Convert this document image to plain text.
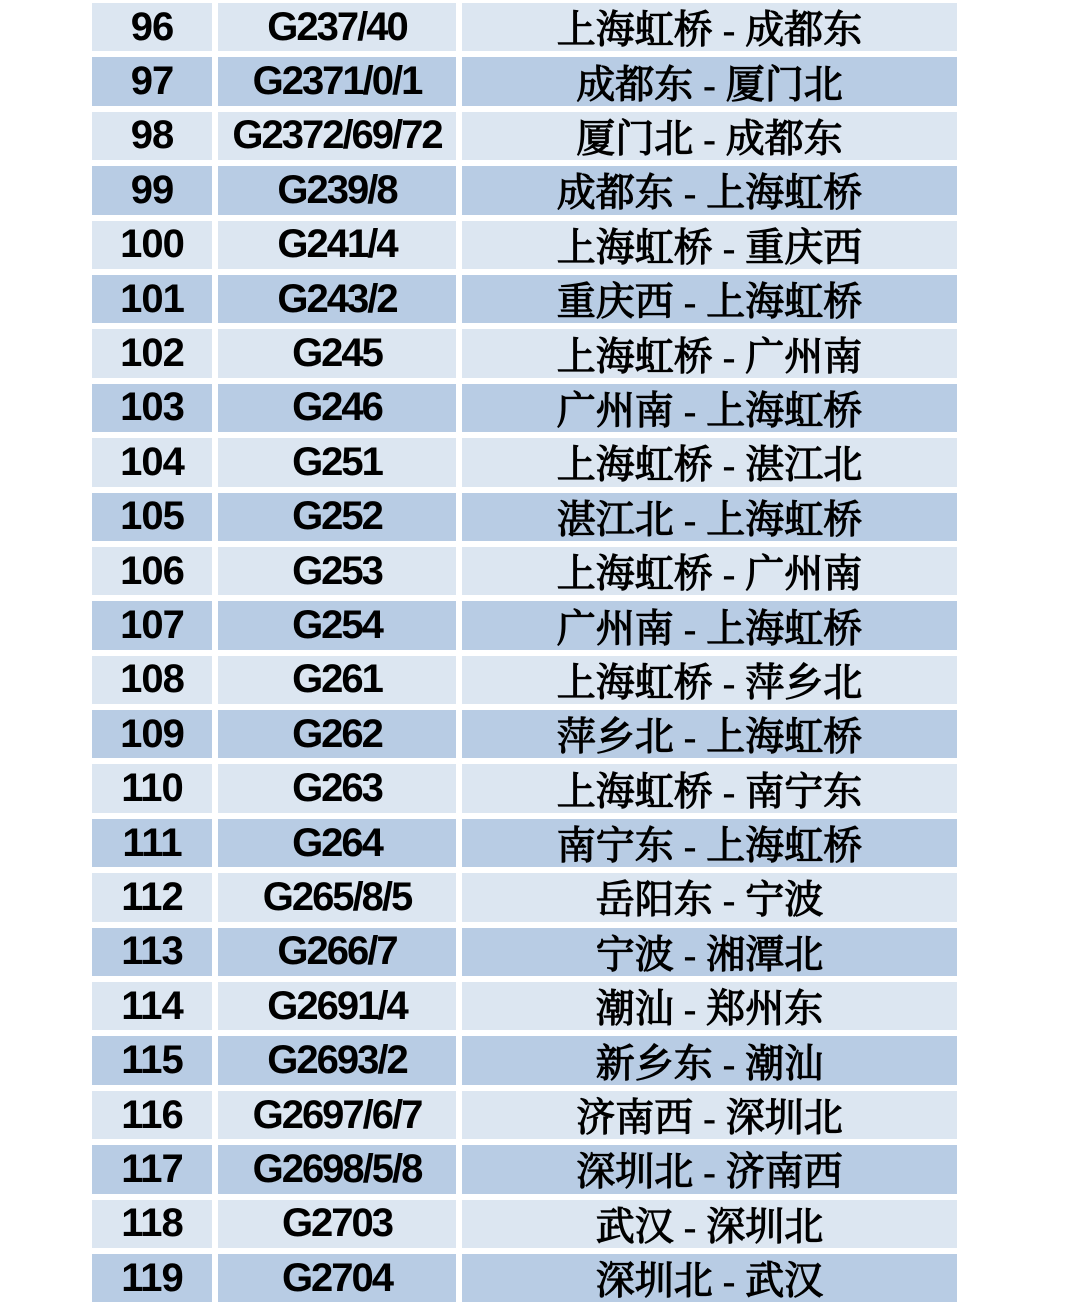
96	G237/40	上海虹桥 - 成都东
97	G2371/0/1	成都东 - 厦门北
98	G2372/69/72	厦门北 - 成都东
99	G239/8	成都东 - 上海虹桥
100	G241/4	上海虹桥 - 重庆西
101	G243/2	重庆西 - 上海虹桥
102	G245	上海虹桥 - 广州南
103	G246	广州南 - 上海虹桥
104	G251	上海虹桥 - 湛江北
105	G252	湛江北 - 上海虹桥
106	G253	上海虹桥 - 广州南
107	G254	广州南 - 上海虹桥
108	G261	上海虹桥 - 萍乡北
109	G262	萍乡北 - 上海虹桥
110	G263	上海虹桥 - 南宁东
111	G264	南宁东 - 上海虹桥
112	G265/8/5	岳阳东 - 宁波
113	G266/7	宁波 - 湘潭北
114	G2691/4	潮汕 - 郑州东
115	G2693/2	新乡东 - 潮汕
116	G2697/6/7	济南西 - 深圳北
117	G2698/5/8	深圳北 - 济南西
118	G2703	武汉 - 深圳北
119	G2704	深圳北 - 武汉
